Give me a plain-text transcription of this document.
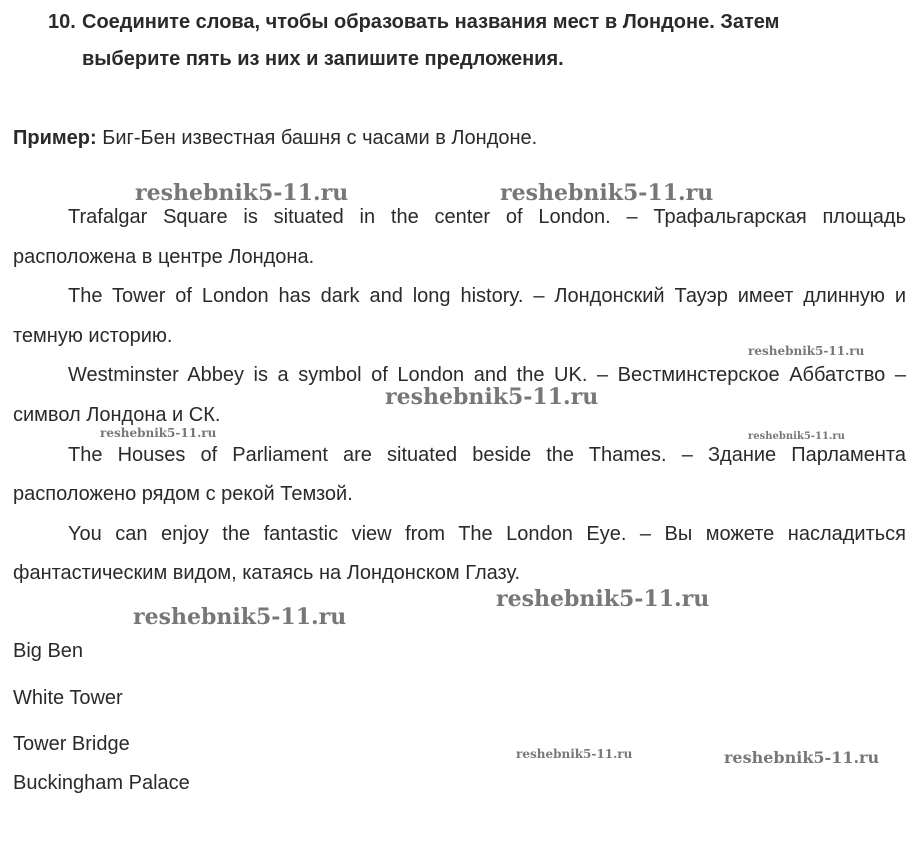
10. Соедините слова, чтобы образовать названия мест в Лондоне. Затем
выберите пять из них и запишите предложения.
Пример: Биг-Бен известная башня с часами в Лондоне.

Trafalgar Square is situated in the center of London. – Трафальгарская площадь расположена в центре Лондона.

The Tower of London has dark and long history. – Лондонский Тауэр имеет длинную и темную историю.

Westminster Abbey is a symbol of London and the UK. – Вестминстерское Аббатство – символ Лондона и СК.

The Houses of Parliament are situated beside the Thames. – Здание Парламента расположено рядом с рекой Темзой.

You can enjoy the fantastic view from The London Eye. – Вы можете насладиться фантастическим видом, катаясь на Лондонском Глазу.

Big Ben
White Tower
Tower Bridge
Buckingham Palace
reshebnik5-11.ru	reshebnik5-11.ru
reshebnik5-11.ru
reshebnik5-11.ru
reshebnik5-11.ru	reshebnik5-11.ru
reshebnik5-11.ru
reshebnik5-11.ru
reshebnik5-11.ru	reshebnik5-11.ru
